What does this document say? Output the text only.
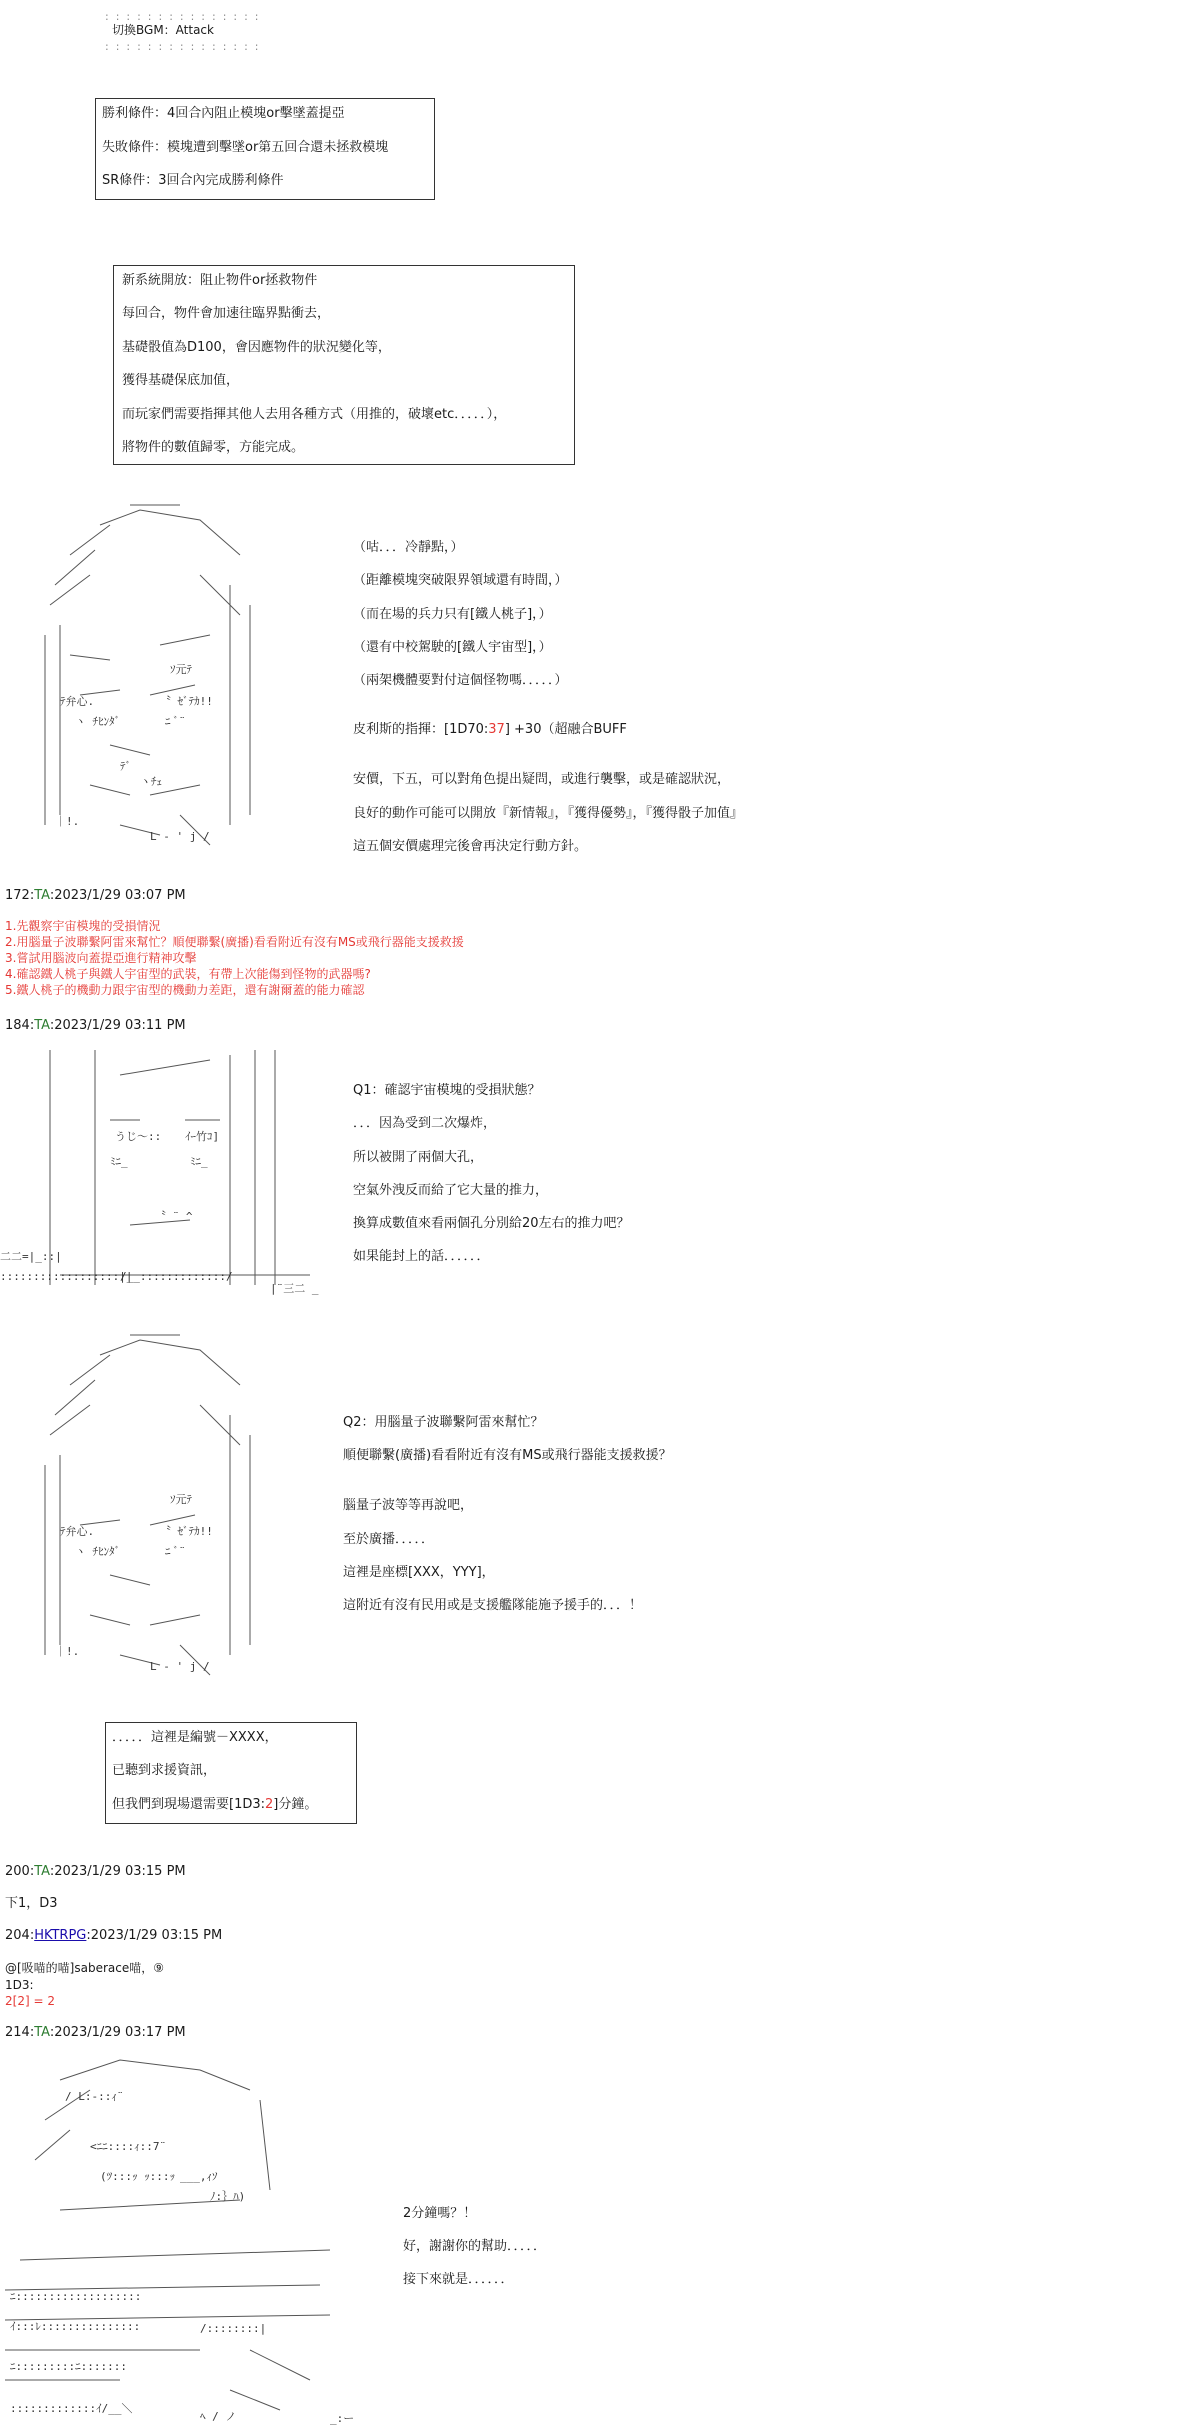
:  :  :  :  :  :  :  :  :  :  :  :  :  :  :
切換BGM：Attack
:  :  :  :  :  :  :  :  :  :  :  :  :  :  :
勝利條件：4回合內阻止模塊or擊墜蓋提亞
失敗條件：模塊遭到擊墜or第五回合還未拯救模塊
SR條件：3回合內完成勝利條件
新系統開放：阻止物件or拯救物件
每回合，物件會加速往臨界點衝去，
基礎骰值為D100，會因應物件的狀況變化等，
獲得基礎保底加值，
而玩家們需要指揮其他人去用各種方式（用推的，破壞etc．．．．．），
將物件的數值歸零，方能完成。
ﾃ弁心.	〝 ｾﾞﾃｶ!!
ｿ元ﾃ
ヽ ﾁﾋﾝﾀﾞ	ﾆ ﾞ¨
ﾃﾞ
ヽﾁｪ
｜!.
L ‐ ' j /
（咕．．．冷靜點，）
（距離模塊突破限界領域還有時間，）
（而在場的兵力只有[鐵人桃子]，）
（還有中校駕駛的[鐵人宇宙型]，）
（兩架機體要對付這個怪物嗎．．．．．）
皮利斯的指揮：[1D70:37] +30（超融合BUFF
安價，下五，可以對角色提出疑問，或進行襲擊，或是確認狀況，
良好的動作可能可以開放『新情報』，『獲得優勢』，『獲得骰子加值』
這五個安價處理完後會再決定行動方針。
172:TA:2023/1/29 03:07 PM
1.先觀察宇宙模塊的受損情況
2.用腦量子波聯繫阿雷來幫忙？順便聯繫(廣播)看看附近有沒有MS或飛行器能支援救援
3.嘗試用腦波向蓋提亞進行精神攻擊
4.確認鐵人桃子與鐵人宇宙型的武裝，有帶上次能傷到怪物的武器嗎?
5.鐵人桃子的機動力跟宇宙型的機動力差距，還有謝爾蓋的能力確認
184:TA:2023/1/29 03:11 PM
うじ～:: ｲｰ竹ｺ]
ﾐﾆ_	ﾐﾆ_
〝 ¨ ^
二二=|_::|
::::::::::::::::::||
/__:::::::::::::/
|¨三二 _
Q1：確認宇宙模塊的受損狀態？
．．．因為受到二次爆炸，
所以被開了兩個大孔，
空氣外洩反而給了它大量的推力，
換算成數值來看兩個孔分別給20左右的推力吧？
如果能封上的話．．．．．．
ﾃ弁心.	〝 ｾﾞﾃｶ!!
ｿ元ﾃ
ヽ ﾁﾋﾝﾀﾞ	ﾆ ﾞ¨
｜!.
L ‐ ' j /
Q2：用腦量子波聯繫阿雷來幫忙？
順便聯繫(廣播)看看附近有沒有MS或飛行器能支援救援？
腦量子波等等再說吧，
至於廣播．．．．．
這裡是座標[XXX，YYY]，
這附近有沒有民用或是支援艦隊能施予援手的．．．！
．．．．．這裡是編號－XXXX，
已聽到求援資訊，
但我們到現場還需要[1D3:2]分鐘。
200:TA:2023/1/29 03:15 PM
下1，D3
204:HKTRPG:2023/1/29 03:15 PM
@[吸喵的喵]saberace喵，⑨
1D3:
2[2] = 2
214:TA:2023/1/29 03:17 PM
/ L:-::ｨ¨
<ﾆﾆ::::ｨ::7¨
(ﾂ:::ｯ ｯ:::ｯ ___,ｨｿ
ﾉ:｝ﾊ)
ﾆ:::::::::::::::::::
ｲ:::ﾚ:::::::::::::::	/::::::::|
ﾆ:::::::::ﾆ:::::::
:::::::::::::ｲ/__＼
ﾍ / ノ	_:ー
2分鐘嗎？！
好，謝謝你的幫助．．．．．
接下來就是．．．．．．
